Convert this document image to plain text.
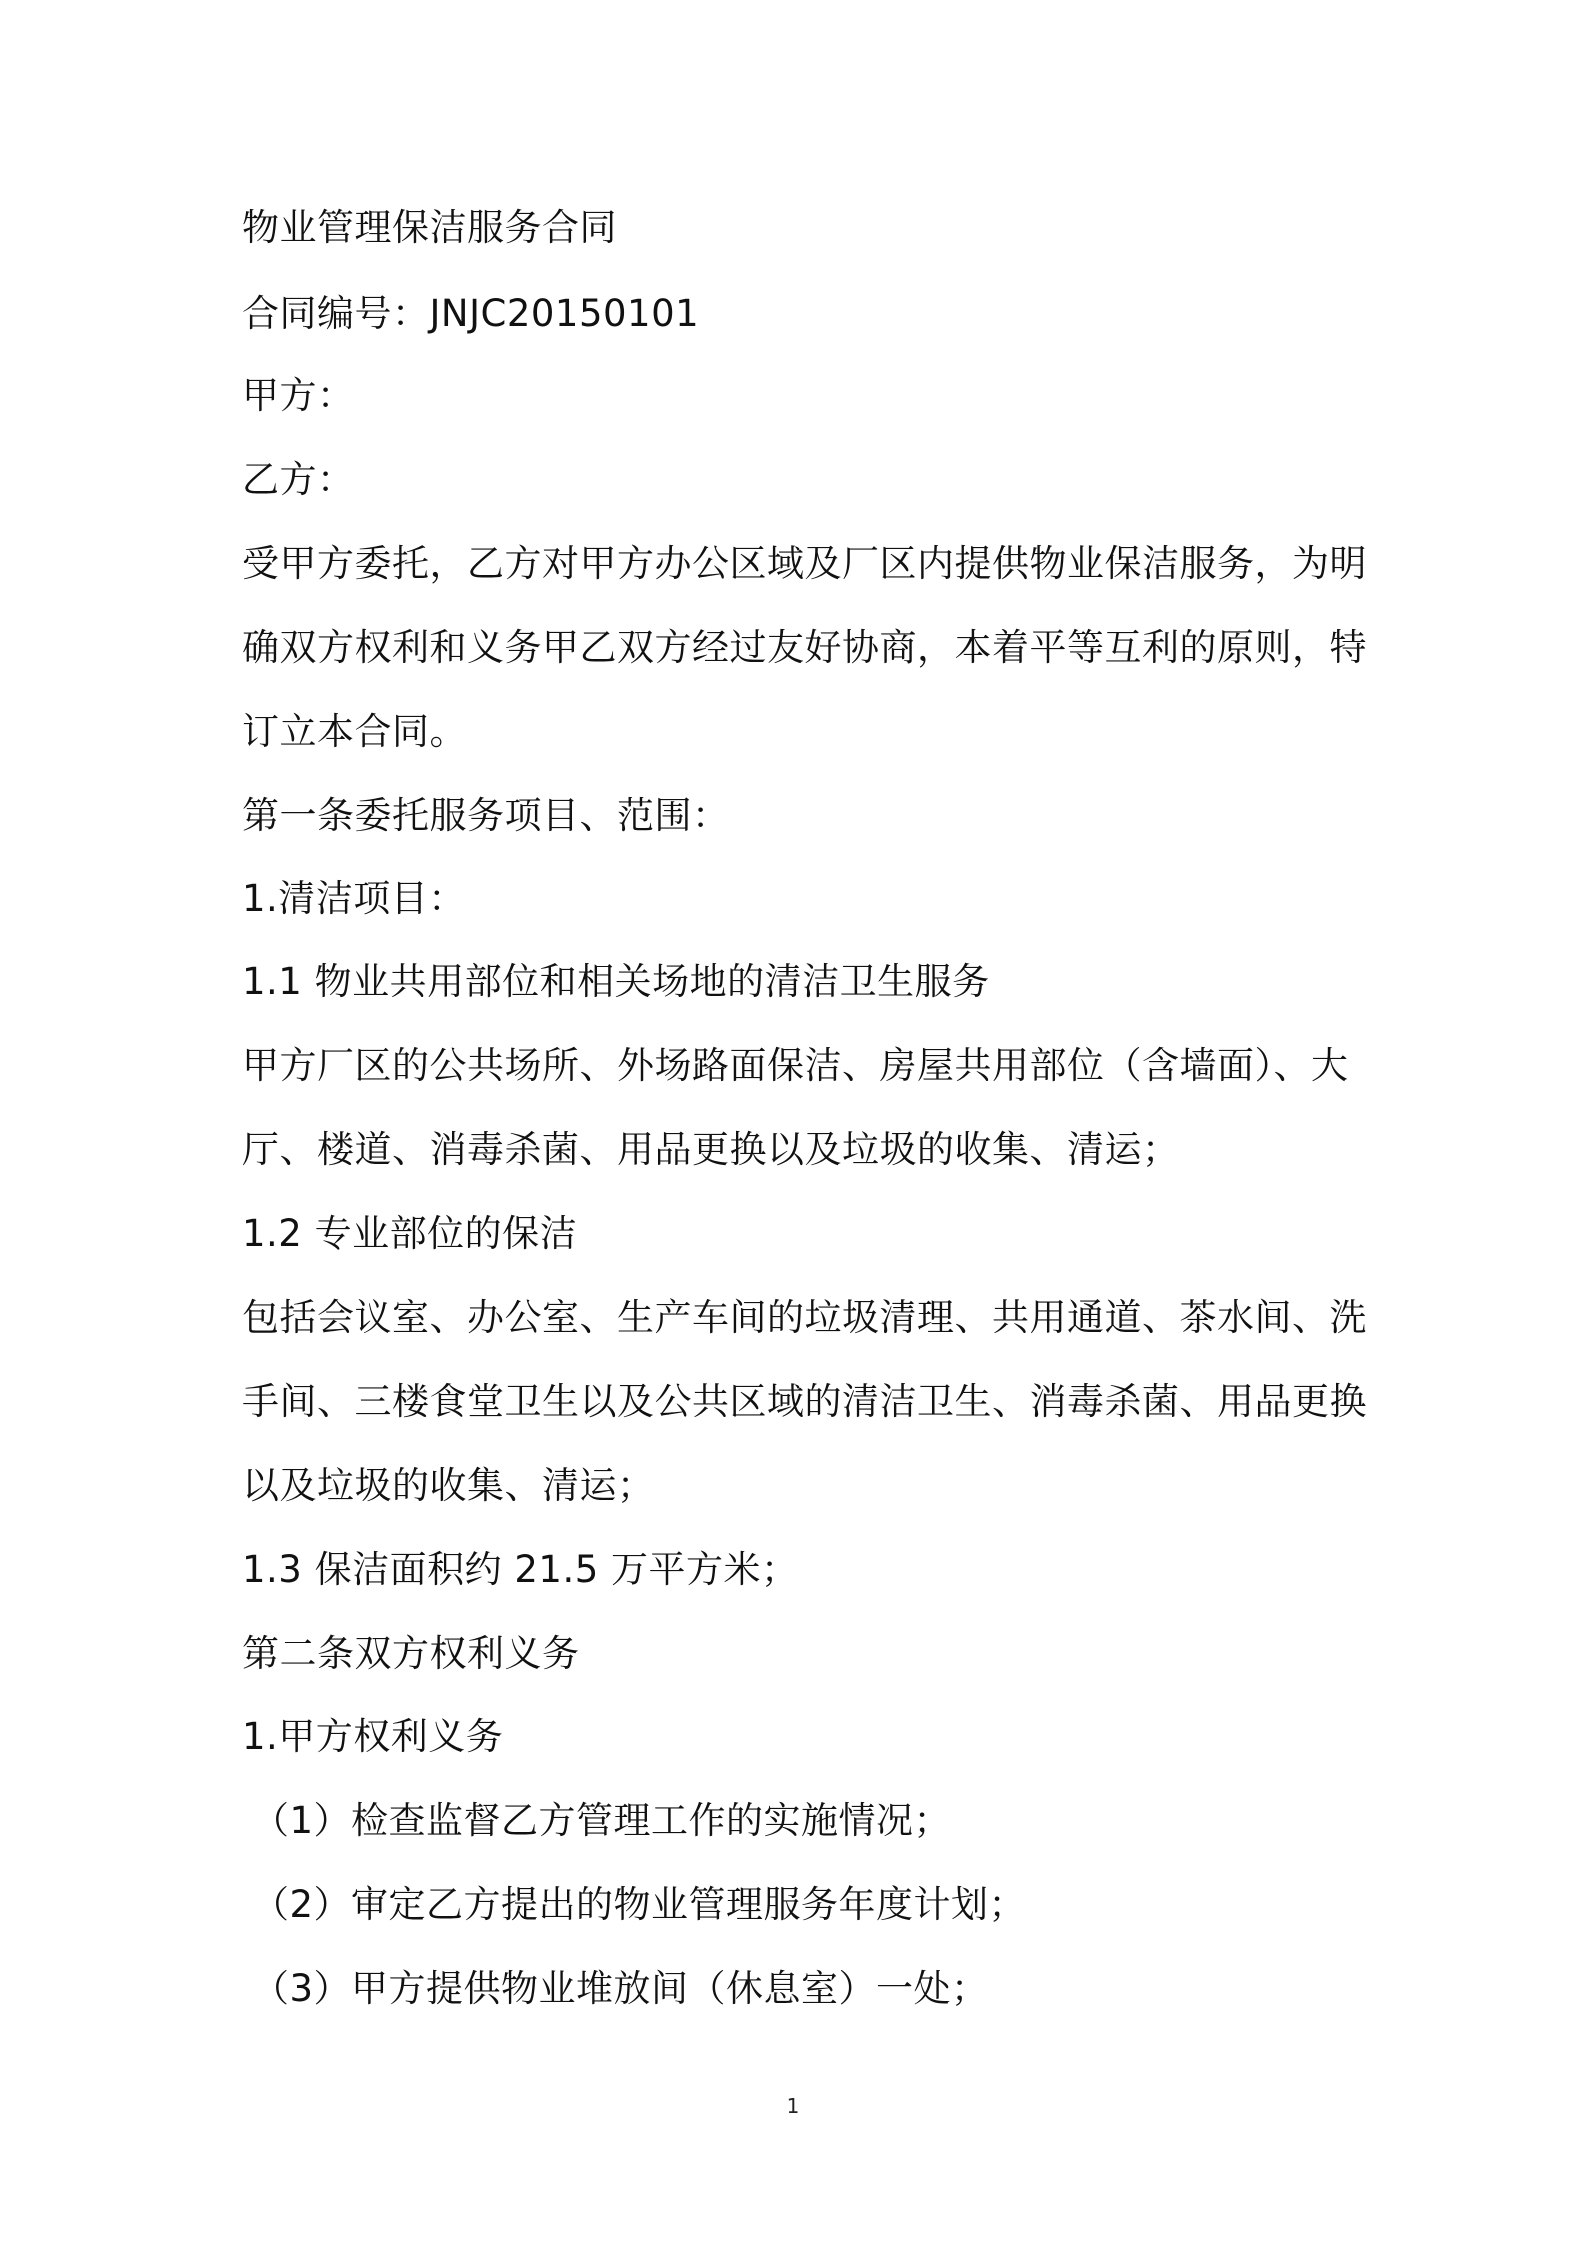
物业管理保洁服务合同
合同编号：JNJC20150101
甲方：
乙方：
受甲方委托，乙方对甲方办公区域及厂区内提供物业保洁服务，为明
确双方权利和义务甲乙双方经过友好协商，本着平等互利的原则，特
订立本合同。
第一条委托服务项目、范围：
1.清洁项目：
1.1 物业共用部位和相关场地的清洁卫生服务
甲方厂区的公共场所、外场路面保洁、房屋共用部位（含墙面）、大
厅、楼道、消毒杀菌、用品更换以及垃圾的收集、清运；
1.2 专业部位的保洁
包括会议室、办公室、生产车间的垃圾清理、共用通道、茶水间、洗
手间、三楼食堂卫生以及公共区域的清洁卫生、消毒杀菌、用品更换
以及垃圾的收集、清运；
1.3 保洁面积约 21.5 万平方米；
第二条双方权利义务
1.甲方权利义务
（1）检查监督乙方管理工作的实施情况；
（2）审定乙方提出的物业管理服务年度计划；
（3）甲方提供物业堆放间（休息室）一处；
1
